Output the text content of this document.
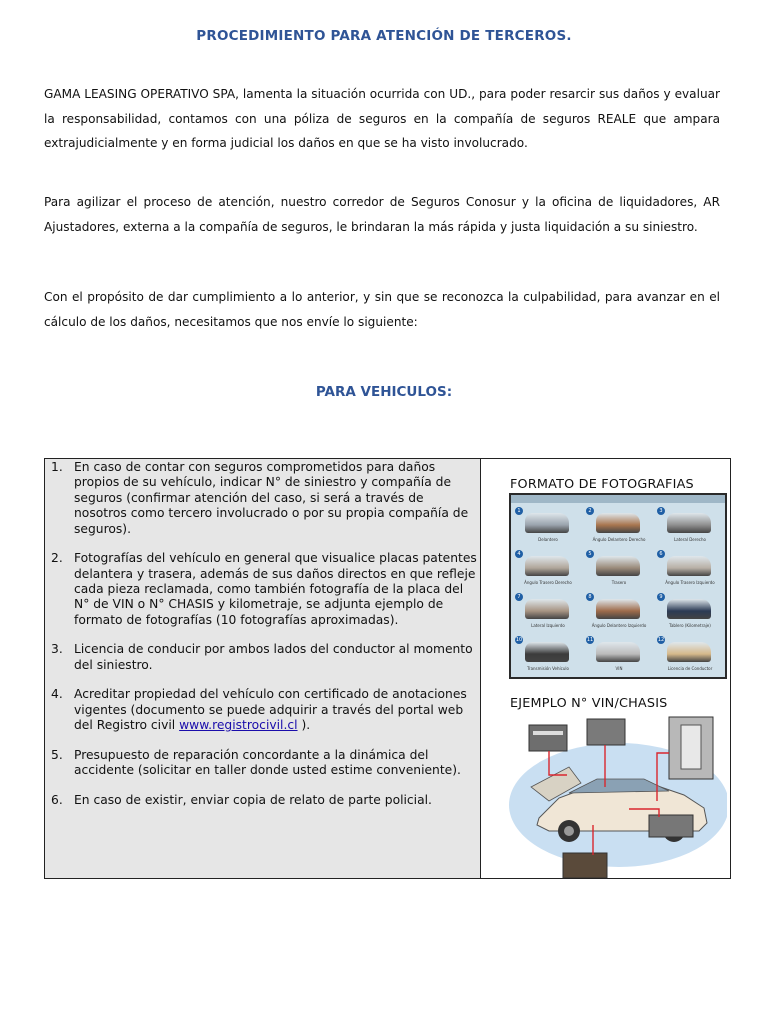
PROCEDIMIENTO PARA ATENCIÓN DE TERCEROS.

GAMA LEASING OPERATIVO SPA, lamenta la situación ocurrida con UD., para poder resarcir sus daños y evaluar la responsabilidad, contamos con una póliza de seguros en la compañía de seguros REALE que ampara extrajudicialmente y en forma judicial los daños en que se ha visto involucrado.

Para agilizar el proceso de atención, nuestro corredor de Seguros Conosur y la oficina de liquidadores, AR Ajustadores, externa a la compañía de seguros, le brindaran la más rápida y justa liquidación a su siniestro.

Con el propósito de dar cumplimiento a lo anterior, y sin que se reconozca la culpabilidad, para avanzar en el cálculo de los daños, necesitamos que nos envíe lo siguiente:

PARA VEHICULOS:
1. En caso de contar con seguros comprometidos para daños propios de su vehículo, indicar N° de siniestro y compañía de seguros (confirmar atención del caso, si será a través de nosotros como tercero involucrado o por su propia compañía de seguros).
2. Fotografías del vehículo en general que visualice placas patentes delantera y trasera, además de sus daños directos en que refleje cada pieza reclamada, como también fotografía de la placa del N° de VIN o N° CHASIS y kilometraje, se adjunta ejemplo de formato de fotografías (10 fotografías aproximadas).
3. Licencia de conducir por ambos lados del conductor al momento del siniestro.
4. Acreditar propiedad del vehículo con certificado de anotaciones vigentes (documento se puede adquirir a través del portal web del Registro civil www.registrocivil.cl ).
5. Presupuesto de reparación concordante a la dinámica del accidente (solicitar en taller donde usted estime conveniente).
6. En caso de existir, enviar copia de relato de parte policial.
FORMATO DE FOTOGRAFIAS
1
Delantero
2
Ángulo Delantero Derecho
3
Lateral Derecho
4
Ángulo Trasero Derecho
5
Trasero
6
Ángulo Trasero Izquierdo
7
Lateral Izquierdo
8
Ángulo Delantero Izquierdo
9
Tablero (Kilometraje)
10
Transmisión Vehículo
11
VIN
12
Licencia de Conductor
EJEMPLO N° VIN/CHASIS
